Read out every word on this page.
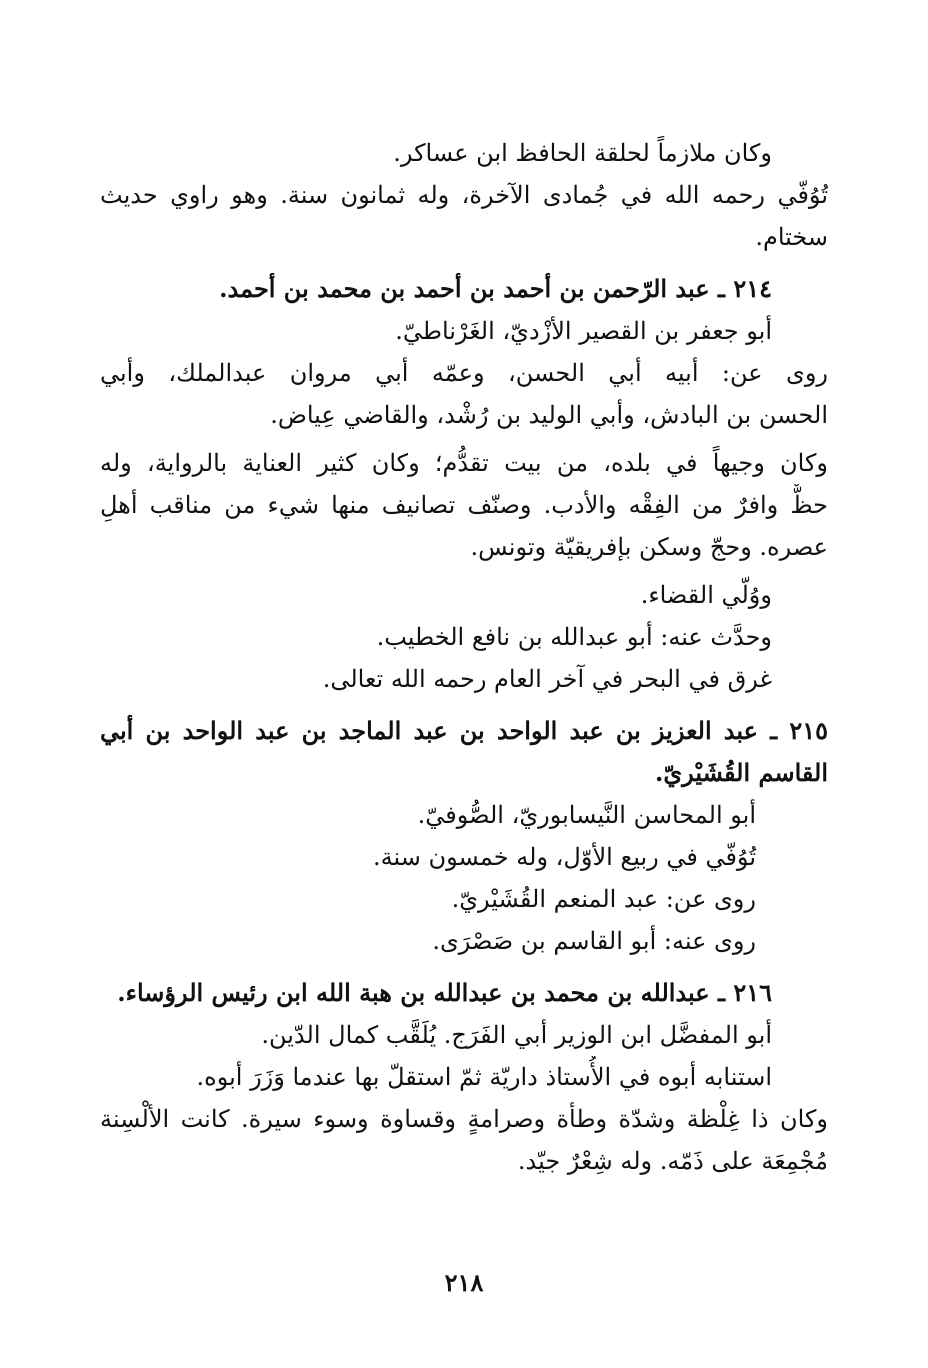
وكان ملازماً لحلقة الحافظ ابن عساكر.
تُوُفّي رحمه الله في جُمادى الآخرة، وله ثمانون سنة. وهو راوي حديث
سختام.
٢١٤ ـ عبد الرّحمن بن أحمد بن أحمد بن محمد بن أحمد.
أبو جعفر بن القصير الأزْديّ، الغَرْناطيّ.
روى عن: أبيه أبي الحسن، وعمّه أبي مروان عبدالملك، وأبي
الحسن بن البادش، وأبي الوليد بن رُشْد، والقاضي عِياض.
وكان وجيهاً في بلده، من بيت تقدُّم؛ وكان كثير العناية بالرواية، وله
حظٌّ وافرٌ من الفِقْه والأدب. وصنّف تصانيف منها شيء من مناقب أهلِ
عصره. وحجّ وسكن بإفريقيّة وتونس.
ووُلّي القضاء.
وحدَّث عنه: أبو عبدالله بن نافع الخطيب.
غرق في البحر في آخر العام رحمه الله تعالى.
٢١٥ ـ عبد العزيز بن عبد الواحد بن عبد الماجد بن عبد الواحد بن أبي
القاسم القُشَيْريّ.
أبو المحاسن النَّيسابوريّ، الصُّوفيّ.
تُوُفّي في ربيع الأوّل، وله خمسون سنة.
روى عن: عبد المنعم القُشَيْريّ.
روى عنه: أبو القاسم بن صَصْرَى.
٢١٦ ـ عبدالله بن محمد بن عبدالله بن هبة الله ابن رئيس الرؤساء.
أبو المفضَّل ابن الوزير أبي الفَرَج. يُلَقَّب كمال الدّين.
استنابه أبوه في الأُستاذ داريّة ثمّ استقلّ بها عندما وَزَرَ أبوه.
وكان ذا غِلْظة وشدّة وطأة وصرامةٍ وقساوة وسوء سيرة. كانت الألْسِنة
مُجْمِعَة على ذَمّه. وله شِعْرٌ جيّد.
٢١٨
